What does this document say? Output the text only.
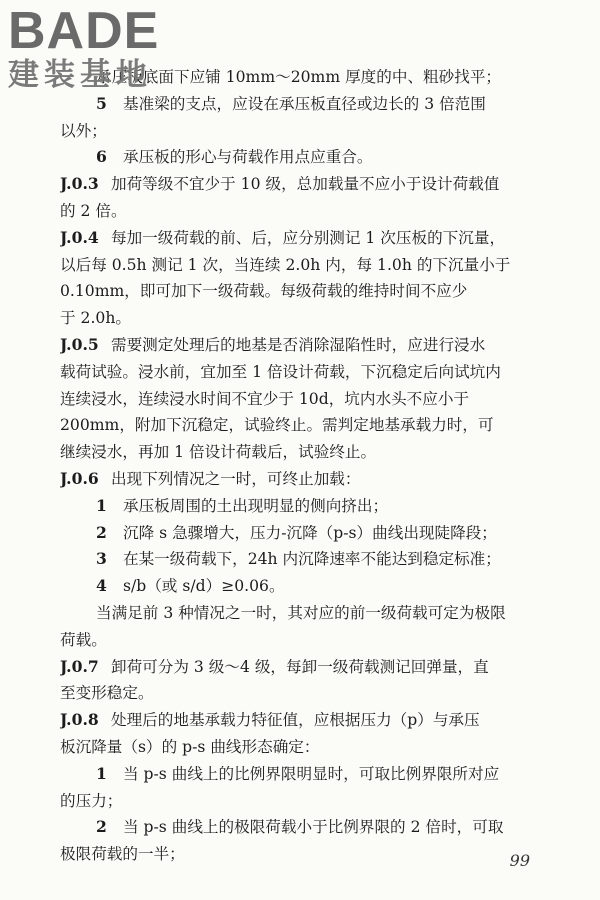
BADE
建装基地
承压板底面下应铺 10mm～20mm 厚度的中、粗砂找平；
5 基准梁的支点，应设在承压板直径或边长的 3 倍范围
以外；
6 承压板的形心与荷载作用点应重合。
J.0.3 加荷等级不宜少于 10 级，总加载量不应小于设计荷载值
的 2 倍。
J.0.4 每加一级荷载的前、后，应分别测记 1 次压板的下沉量，
以后每 0.5h 测记 1 次，当连续 2.0h 内，每 1.0h 的下沉量小于
0.10mm，即可加下一级荷载。每级荷载的维持时间不应少
于 2.0h。
J.0.5 需要测定处理后的地基是否消除湿陷性时，应进行浸水
载荷试验。浸水前，宜加至 1 倍设计荷载，下沉稳定后向试坑内
连续浸水，连续浸水时间不宜少于 10d，坑内水头不应小于
200mm，附加下沉稳定，试验终止。需判定地基承载力时，可
继续浸水，再加 1 倍设计荷载后，试验终止。
J.0.6 出现下列情况之一时，可终止加载：
1 承压板周围的土出现明显的侧向挤出；
2 沉降 s 急骤增大，压力-沉降（p-s）曲线出现陡降段；
3 在某一级荷载下，24h 内沉降速率不能达到稳定标准；
4 s/b（或 s/d）≥0.06。
当满足前 3 种情况之一时，其对应的前一级荷载可定为极限
荷载。
J.0.7 卸荷可分为 3 级～4 级，每卸一级荷载测记回弹量，直
至变形稳定。
J.0.8 处理后的地基承载力特征值，应根据压力（p）与承压
板沉降量（s）的 p-s 曲线形态确定：
1 当 p-s 曲线上的比例界限明显时，可取比例界限所对应
的压力；
2 当 p-s 曲线上的极限荷载小于比例界限的 2 倍时，可取
极限荷载的一半；	99
